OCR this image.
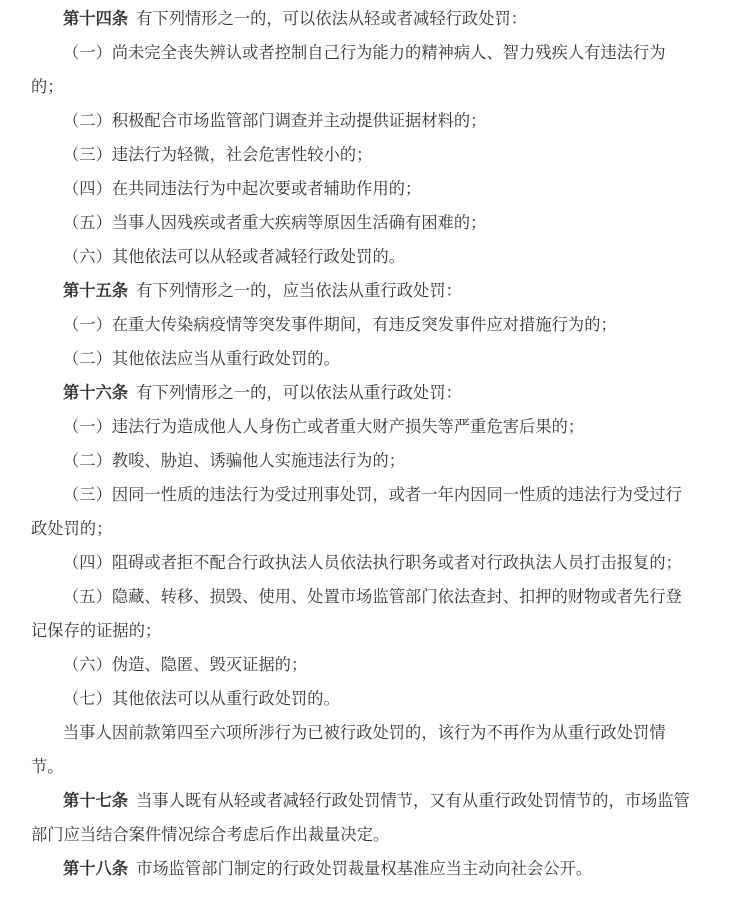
第十四条 有下列情形之一的，可以依法从轻或者减轻行政处罚：

（一）尚未完全丧失辨认或者控制自己行为能力的精神病人、智力残疾人有违法行为的；

（二）积极配合市场监管部门调查并主动提供证据材料的；

（三）违法行为轻微，社会危害性较小的；

（四）在共同违法行为中起次要或者辅助作用的；

（五）当事人因残疾或者重大疾病等原因生活确有困难的；

（六）其他依法可以从轻或者减轻行政处罚的。

第十五条 有下列情形之一的，应当依法从重行政处罚：

（一）在重大传染病疫情等突发事件期间，有违反突发事件应对措施行为的；

（二）其他依法应当从重行政处罚的。

第十六条 有下列情形之一的，可以依法从重行政处罚：

（一）违法行为造成他人人身伤亡或者重大财产损失等严重危害后果的；

（二）教唆、胁迫、诱骗他人实施违法行为的；

（三）因同一性质的违法行为受过刑事处罚，或者一年内因同一性质的违法行为受过行政处罚的；

（四）阻碍或者拒不配合行政执法人员依法执行职务或者对行政执法人员打击报复的；

（五）隐藏、转移、损毁、使用、处置市场监管部门依法查封、扣押的财物或者先行登记保存的证据的；

（六）伪造、隐匿、毁灭证据的；

（七）其他依法可以从重行政处罚的。

当事人因前款第四至六项所涉行为已被行政处罚的，该行为不再作为从重行政处罚情节。

第十七条 当事人既有从轻或者减轻行政处罚情节，又有从重行政处罚情节的，市场监管部门应当结合案件情况综合考虑后作出裁量决定。

第十八条 市场监管部门制定的行政处罚裁量权基准应当主动向社会公开。
